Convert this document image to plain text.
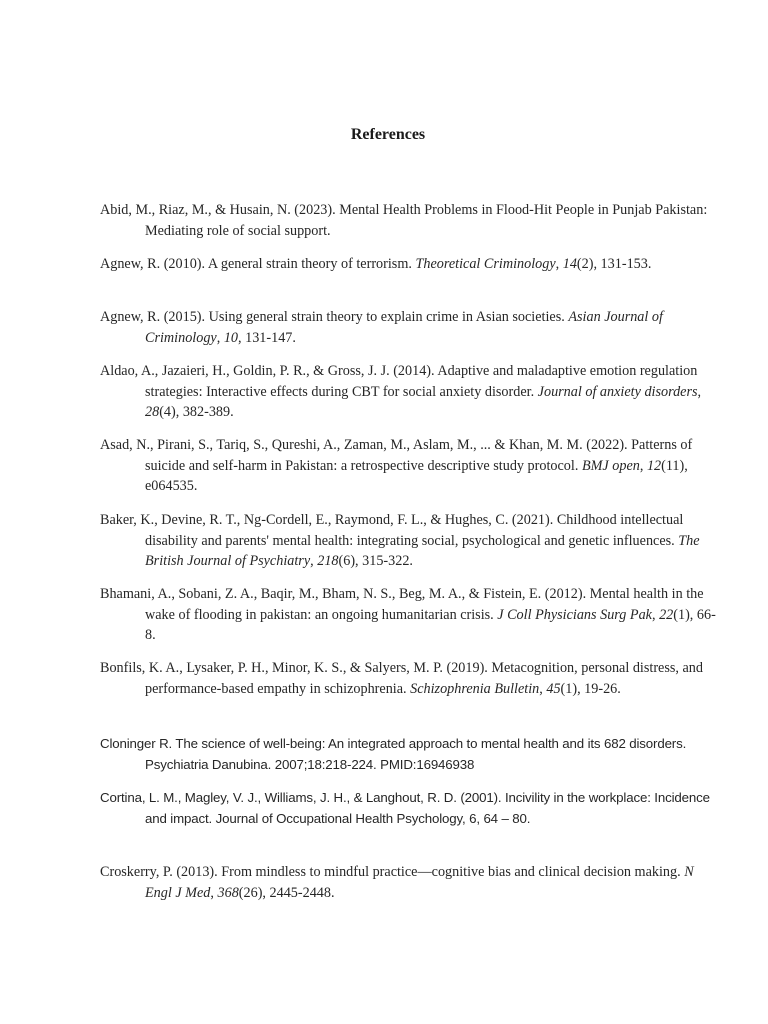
References
Abid, M., Riaz, M., & Husain, N. (2023). Mental Health Problems in Flood-Hit People in Punjab Pakistan: Mediating role of social support.
Agnew, R. (2010). A general strain theory of terrorism. Theoretical Criminology, 14(2), 131-153.
Agnew, R. (2015). Using general strain theory to explain crime in Asian societies. Asian Journal of Criminology, 10, 131-147.
Aldao, A., Jazaieri, H., Goldin, P. R., & Gross, J. J. (2014). Adaptive and maladaptive emotion regulation strategies: Interactive effects during CBT for social anxiety disorder. Journal of anxiety disorders, 28(4), 382-389.
Asad, N., Pirani, S., Tariq, S., Qureshi, A., Zaman, M., Aslam, M., ... & Khan, M. M. (2022). Patterns of suicide and self-harm in Pakistan: a retrospective descriptive study protocol. BMJ open, 12(11), e064535.
Baker, K., Devine, R. T., Ng-Cordell, E., Raymond, F. L., & Hughes, C. (2021). Childhood intellectual disability and parents' mental health: integrating social, psychological and genetic influences. The British Journal of Psychiatry, 218(6), 315-322.
Bhamani, A., Sobani, Z. A., Baqir, M., Bham, N. S., Beg, M. A., & Fistein, E. (2012). Mental health in the wake of flooding in pakistan: an ongoing humanitarian crisis. J Coll Physicians Surg Pak, 22(1), 66-8.
Bonfils, K. A., Lysaker, P. H., Minor, K. S., & Salyers, M. P. (2019). Metacognition, personal distress, and performance-based empathy in schizophrenia. Schizophrenia Bulletin, 45(1), 19-26.
Cloninger R. The science of well-being: An integrated approach to mental health and its 682 disorders. Psychiatria Danubina. 2007;18:218-224. PMID:16946938
Cortina, L. M., Magley, V. J., Williams, J. H., & Langhout, R. D. (2001). Incivility in the workplace: Incidence and impact. Journal of Occupational Health Psychology, 6, 64 – 80.
Croskerry, P. (2013). From mindless to mindful practice—cognitive bias and clinical decision making. N Engl J Med, 368(26), 2445-2448.
